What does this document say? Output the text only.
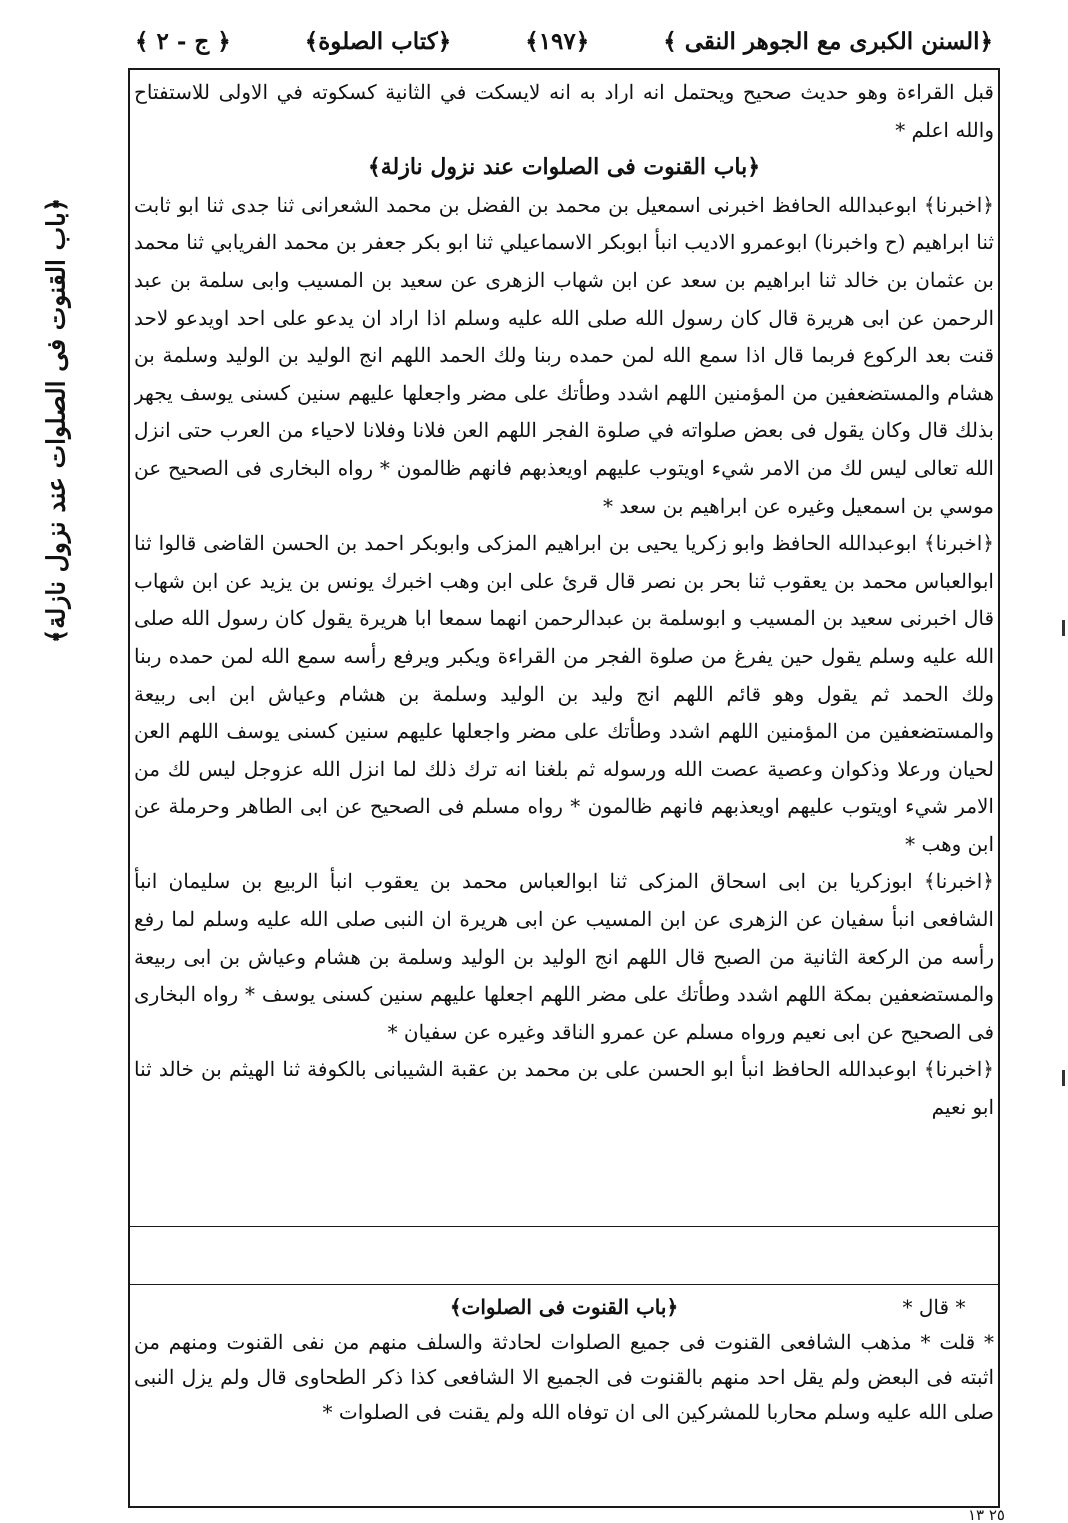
﴿السنن الكبرى مع الجوهر النقى ﴾
﴿١٩٧﴾
﴿كتاب الصلوة﴾
﴿ ج - ٢ ﴾
﴿باب القنوت فى الصلوات عند نزول نازلة﴾

قبل القراءة وهو حديث صحيح ويحتمل انه اراد به انه لايسكت في الثانية كسكوته في الاولى للاستفتاح والله اعلم *

﴿باب القنوت فى الصلوات عند نزول نازلة﴾

﴿اخبرنا﴾ ابوعبدالله الحافظ اخبرنى اسمعيل بن محمد بن الفضل بن محمد الشعرانى ثنا جدى ثنا ابو ثابت ثنا ابراهيم (ح واخبرنا) ابوعمرو الاديب انبأ ابوبكر الاسماعيلي ثنا ابو بكر جعفر بن محمد الفريابي ثنا محمد بن عثمان بن خالد ثنا ابراهيم بن سعد عن ابن شهاب الزهرى عن سعيد بن المسيب وابى سلمة بن عبد الرحمن عن ابى هريرة قال كان رسول الله صلى الله عليه وسلم اذا اراد ان يدعو على احد اويدعو لاحد قنت بعد الركوع فربما قال اذا سمع الله لمن حمده ربنا ولك الحمد اللهم انج الوليد بن الوليد وسلمة بن هشام والمستضعفين من المؤمنين اللهم اشدد وطأتك على مضر واجعلها عليهم سنين كسنى يوسف يجهر بذلك قال وكان يقول فى بعض صلواته في صلوة الفجر اللهم العن فلانا وفلانا لاحياء من العرب حتى انزل الله تعالى ليس لك من الامر شيء اويتوب عليهم اويعذبهم فانهم ظالمون * رواه البخارى فى الصحيح عن موسي بن اسمعيل وغيره عن ابراهيم بن سعد *

﴿اخبرنا﴾ ابوعبدالله الحافظ وابو زكريا يحيى بن ابراهيم المزكى وابوبكر احمد بن الحسن القاضى قالوا ثنا ابوالعباس محمد بن يعقوب ثنا بحر بن نصر قال قرئ على ابن وهب اخبرك يونس بن يزيد عن ابن شهاب قال اخبرنى سعيد بن المسيب و ابوسلمة بن عبدالرحمن انهما سمعا ابا هريرة يقول كان رسول الله صلى الله عليه وسلم يقول حين يفرغ من صلوة الفجر من القراءة ويكبر ويرفع رأسه سمع الله لمن حمده ربنا ولك الحمد ثم يقول وهو قائم اللهم انج وليد بن الوليد وسلمة بن هشام وعياش ابن ابى ربيعة والمستضعفين من المؤمنين اللهم اشدد وطأتك على مضر واجعلها عليهم سنين كسنى يوسف اللهم العن لحيان ورعلا وذكوان وعصية عصت الله ورسوله ثم بلغنا انه ترك ذلك لما انزل الله عزوجل ليس لك من الامر شيء اويتوب عليهم اويعذبهم فانهم ظالمون * رواه مسلم فى الصحيح عن ابى الطاهر وحرملة عن ابن وهب *

﴿اخبرنا﴾ ابوزكريا بن ابى اسحاق المزكى ثنا ابوالعباس محمد بن يعقوب انبأ الربيع بن سليمان انبأ الشافعى انبأ سفيان عن الزهرى عن ابن المسيب عن ابى هريرة ان النبى صلى الله عليه وسلم لما رفع رأسه من الركعة الثانية من الصبح قال اللهم انج الوليد بن الوليد وسلمة بن هشام وعياش بن ابى ربيعة والمستضعفين بمكة اللهم اشدد وطأتك على مضر اللهم اجعلها عليهم سنين كسنى يوسف * رواه البخارى فى الصحيح عن ابى نعيم ورواه مسلم عن عمرو الناقد وغيره عن سفيان *

﴿اخبرنا﴾ ابوعبدالله الحافظ انبأ ابو الحسن على بن محمد بن عقبة الشيبانى بالكوفة ثنا الهيثم بن خالد ثنا ابو نعيم

* قال *
﴿باب القنوت فى الصلوات﴾

* قلت * مذهب الشافعى القنوت فى جميع الصلوات لحادثة والسلف منهم من نفى القنوت ومنهم من اثبته فى البعض ولم يقل احد منهم بالقنوت فى الجميع الا الشافعى كذا ذكر الطحاوى قال ولم يزل النبى صلى الله عليه وسلم محاربا للمشركين الى ان توفاه الله ولم يقنت فى الصلوات *

٢٥ ١٣
